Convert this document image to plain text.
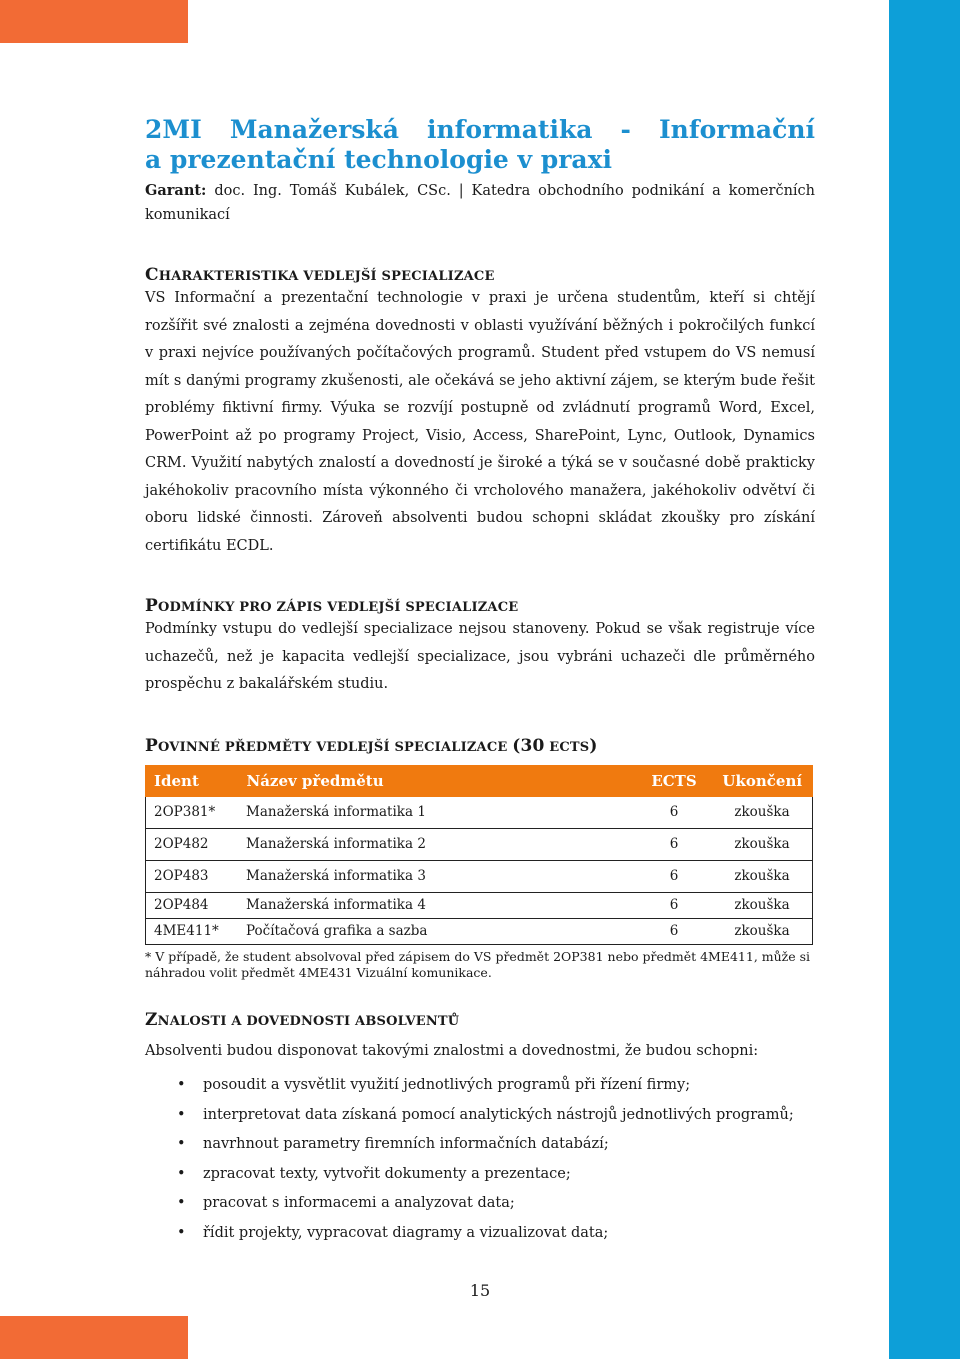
2MI Manažerská informatika - Informační
a prezentační technologie v praxi
Garant: doc. Ing. Tomáš Kubálek, CSc. | Katedra obchodního podnikání a komerčních komunikací
CHARAKTERISTIKA VEDLEJŠÍ SPECIALIZACE

VS Informační a prezentační technologie v praxi je určena studentům, kteří si chtějí rozšířit své znalosti a zejména dovednosti v oblasti využívání běžných i pokročilých funkcí v praxi nejvíce používaných počítačových programů. Student před vstupem do VS nemusí mít s danými programy zkušenosti, ale očekává se jeho aktivní zájem, se kterým bude řešit problémy fiktivní firmy. Výuka se rozvíjí postupně od zvládnutí programů Word, Excel, PowerPoint až po programy Project, Visio, Access, SharePoint, Lync, Outlook, Dynamics CRM. Využití nabytých znalostí a dovedností je široké a týká se v současné době prakticky jakéhokoliv pracovního místa výkonného či vrcholového manažera, jakéhokoliv odvětví či oboru lidské činnosti. Zároveň absolventi budou schopni skládat zkoušky pro získání certifikátu ECDL.

PODMÍNKY PRO ZÁPIS VEDLEJŠÍ SPECIALIZACE

Podmínky vstupu do vedlejší specializace nejsou stanoveny. Pokud se však registruje více uchazečů, než je kapacita vedlejší specializace, jsou vybráni uchazeči dle průměrného prospěchu z bakalářském studiu.

POVINNÉ PŘEDMĚTY VEDLEJŠÍ SPECIALIZACE (30 ECTS)
Ident	Název předmětu	ECTS	Ukončení
2OP381*	Manažerská informatika 1	6	zkouška
2OP482	Manažerská informatika 2	6	zkouška
2OP483	Manažerská informatika 3	6	zkouška
2OP484	Manažerská informatika 4	6	zkouška
4ME411*	Počítačová grafika a sazba	6	zkouška

* V případě, že student absolvoval před zápisem do VS předmět 2OP381 nebo předmět 4ME411, může si náhradou volit předmět 4ME431 Vizuální komunikace.

ZNALOSTI A DOVEDNOSTI ABSOLVENTŮ

Absolventi budou disponovat takovými znalostmi a dovednostmi, že budou schopni:

• posoudit a vysvětlit využití jednotlivých programů při řízení firmy;
• interpretovat data získaná pomocí analytických nástrojů jednotlivých programů;
• navrhnout parametry firemních informačních databází;
• zpracovat texty, vytvořit dokumenty a prezentace;
• pracovat s informacemi a analyzovat data;
• řídit projekty, vypracovat diagramy a vizualizovat data;
15
